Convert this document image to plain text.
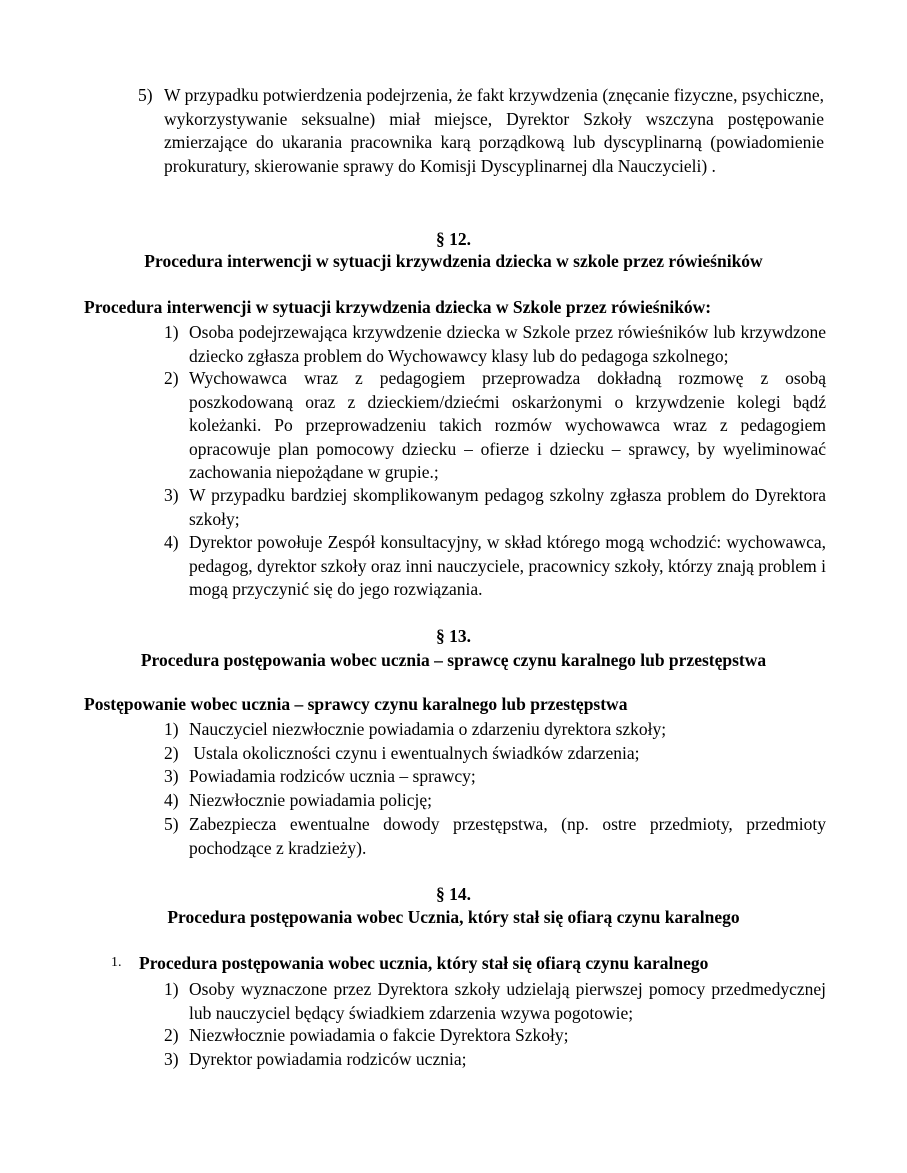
5) W przypadku potwierdzenia podejrzenia, że fakt krzywdzenia (znęcanie fizyczne, psychiczne, wykorzystywanie seksualne) miał miejsce, Dyrektor Szkoły wszczyna postępowanie zmierzające do ukarania pracownika karą porządkową lub dyscyplinarną (powiadomienie prokuratury, skierowanie sprawy do Komisji Dyscyplinarnej dla Nauczycieli) .
§ 12.
Procedura interwencji w sytuacji krzywdzenia dziecka w szkole przez rówieśników
Procedura interwencji w sytuacji krzywdzenia dziecka w Szkole przez rówieśników:
1) Osoba podejrzewająca krzywdzenie dziecka w Szkole przez rówieśników lub krzywdzone dziecko zgłasza problem do Wychowawcy klasy lub do pedagoga szkolnego;
2) Wychowawca wraz z pedagogiem przeprowadza dokładną rozmowę z osobą poszkodowaną oraz z dzieckiem/dziećmi oskarżonymi o krzywdzenie kolegi bądź koleżanki. Po przeprowadzeniu takich rozmów wychowawca wraz z pedagogiem opracowuje plan pomocowy dziecku – ofierze i dziecku – sprawcy, by wyeliminować zachowania niepożądane w grupie.;
3) W przypadku bardziej skomplikowanym pedagog szkolny zgłasza problem do Dyrektora szkoły;
4) Dyrektor powołuje Zespół konsultacyjny, w skład którego mogą wchodzić: wychowawca, pedagog, dyrektor szkoły oraz inni nauczyciele, pracownicy szkoły, którzy znają problem i mogą przyczynić się do jego rozwiązania.
§ 13.
Procedura postępowania wobec ucznia – sprawcę czynu karalnego lub przestępstwa
Postępowanie wobec ucznia – sprawcy czynu karalnego lub przestępstwa
1) Nauczyciel niezwłocznie powiadamia o zdarzeniu dyrektora szkoły;
2) Ustala okoliczności czynu i ewentualnych świadków zdarzenia;
3) Powiadamia rodziców ucznia – sprawcy;
4) Niezwłocznie powiadamia policję;
5) Zabezpiecza ewentualne dowody przestępstwa, (np. ostre przedmioty, przedmioty pochodzące z kradzieży).
§ 14.
Procedura postępowania wobec Ucznia, który stał się ofiarą czynu karalnego
1. Procedura postępowania wobec ucznia, który stał się ofiarą czynu karalnego
1) Osoby wyznaczone przez Dyrektora szkoły udzielają pierwszej pomocy przedmedycznej lub nauczyciel będący świadkiem zdarzenia wzywa pogotowie;
2) Niezwłocznie powiadamia o fakcie Dyrektora Szkoły;
3) Dyrektor powiadamia rodziców ucznia;
